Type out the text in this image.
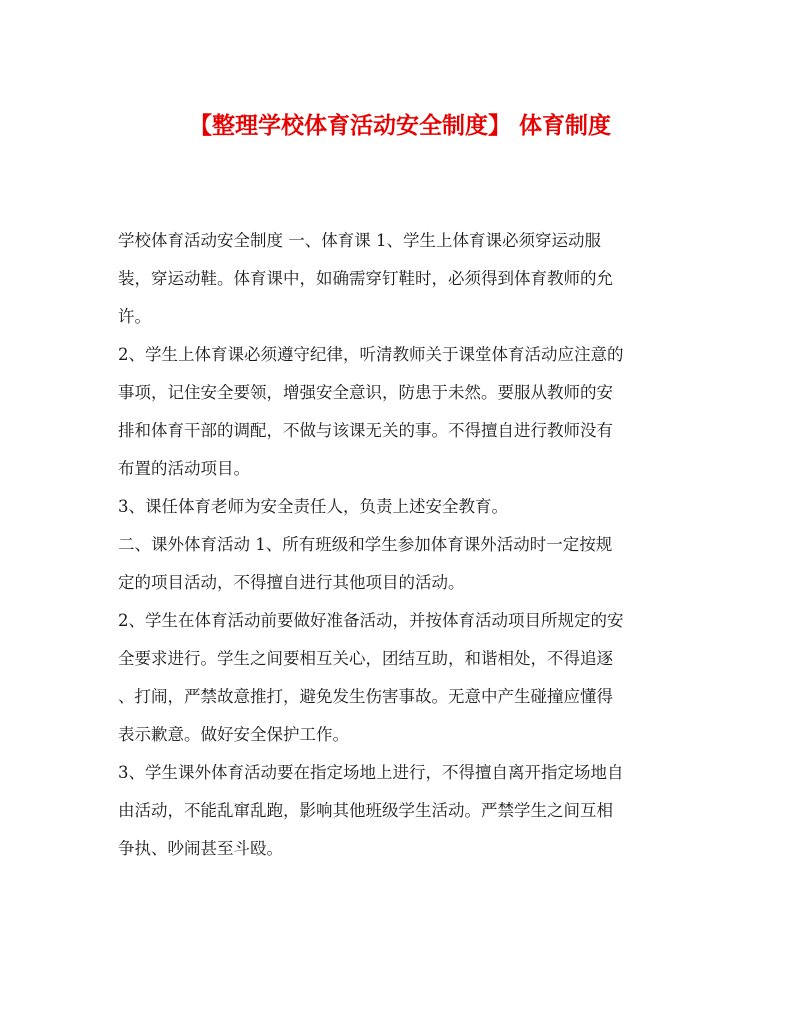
【整理学校体育活动安全制度】 体育制度
学校体育活动安全制度 一、体育课 1、学生上体育课必须穿运动服
装，穿运动鞋。体育课中，如确需穿钉鞋时，必须得到体育教师的允
许。
2、学生上体育课必须遵守纪律，听清教师关于课堂体育活动应注意的
事项，记住安全要领，增强安全意识，防患于未然。要服从教师的安
排和体育干部的调配，不做与该课无关的事。不得擅自进行教师没有
布置的活动项目。
3、课任体育老师为安全责任人，负责上述安全教育。
二、课外体育活动 1、所有班级和学生参加体育课外活动时一定按规
定的项目活动，不得擅自进行其他项目的活动。
2、学生在体育活动前要做好准备活动，并按体育活动项目所规定的安
全要求进行。学生之间要相互关心，团结互助，和谐相处，不得追逐
、打闹，严禁故意推打，避免发生伤害事故。无意中产生碰撞应懂得
表示歉意。做好安全保护工作。
3、学生课外体育活动要在指定场地上进行，不得擅自离开指定场地自
由活动，不能乱窜乱跑，影响其他班级学生活动。严禁学生之间互相
争执、吵闹甚至斗殴。
